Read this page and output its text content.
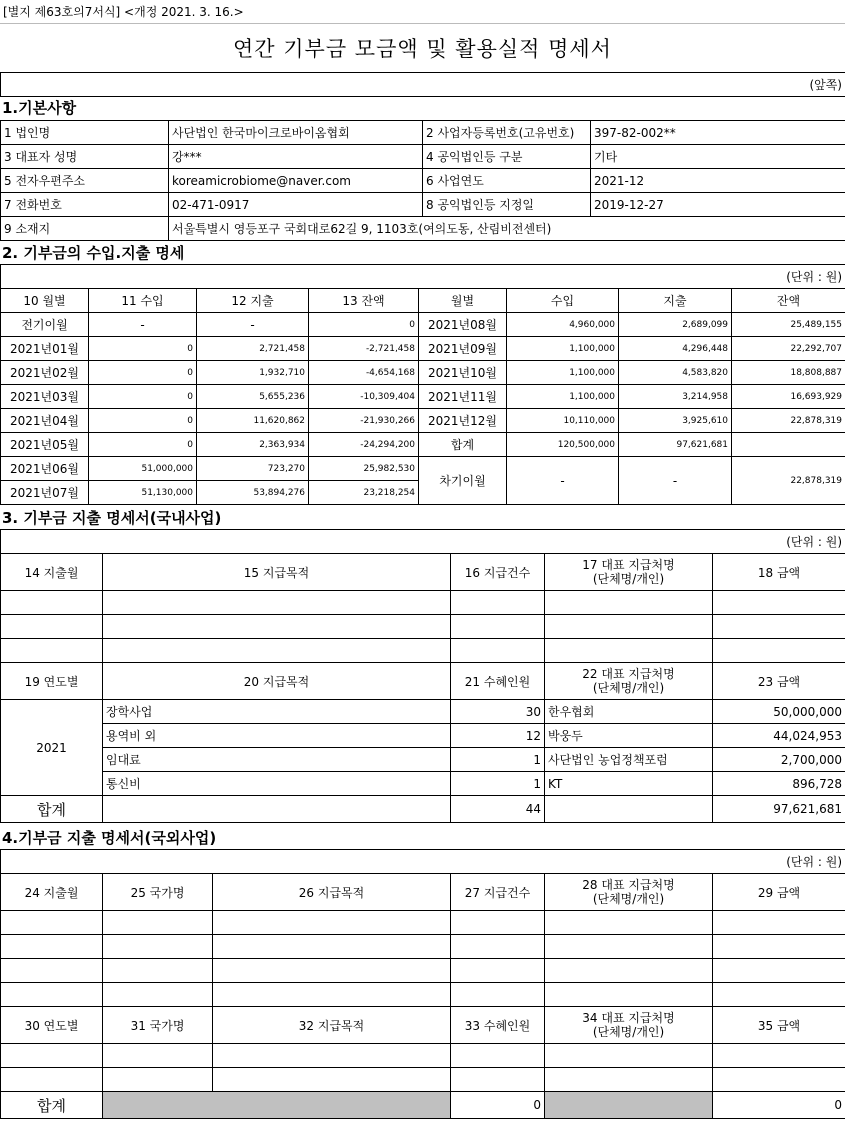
[별지 제63호의7서식] <개정 2021. 3. 16.>
연간 기부금 모금액 및 활용실적 명세서
(앞쪽)
1.기본사항
1 법인명	사단법인 한국마이크로바이옴협회	2 사업자등록번호(고유번호)	397-82-002**
3 대표자 성명	강***	4 공익법인등 구분	기타
5 전자우편주소	koreamicrobiome@naver.com	6 사업연도	2021-12
7 전화번호	02-471-0917	8 공익법인등 지정일	2019-12-27
9 소재지	서울특별시 영등포구 국회대로62길 9, 1103호(여의도동, 산림비전센터)		
2. 기부금의 수입.지출 명세
(단위 : 원)
10 월별	11 수입	12 지출	13 잔액	월별	수입	지출	잔액
전기이월	-	-	0	2021년08월	4,960,000	2,689,099	25,489,155
2021년01월	0	2,721,458	-2,721,458	2021년09월	1,100,000	4,296,448	22,292,707
2021년02월	0	1,932,710	-4,654,168	2021년10월	1,100,000	4,583,820	18,808,887
2021년03월	0	5,655,236	-10,309,404	2021년11월	1,100,000	3,214,958	16,693,929
2021년04월	0	11,620,862	-21,930,266	2021년12월	10,110,000	3,925,610	22,878,319
2021년05월	0	2,363,934	-24,294,200	합계	120,500,000	97,621,681	
2021년06월	51,000,000	723,270	25,982,530	차기이월	-	-	22,878,319
2021년07월	51,130,000	53,894,276	23,218,254				
3. 기부금 지출 명세서(국내사업)
(단위 : 원)
14 지출월	15 지급목적	16 지급건수	17 대표 지급처명
(단체명/개인)	18 금액

19 연도별	20 지급목적	21 수혜인원	22 대표 지급처명
(단체명/개인)	23 금액
2021	장학사업	30	한우협회	50,000,000
	용역비 외	12	박웅두	44,024,953
	임대료	1	사단법인 농업정책포럼	2,700,000
	통신비	1	KT	896,728
합계		44		97,621,681
4.기부금 지출 명세서(국외사업)
(단위 : 원)
24 지출월	25 국가명	26 지급목적	27 지급건수	28 대표 지급처명
(단체명/개인)	29 금액

30 연도별	31 국가명	32 지급목적	33 수혜인원	34 대표 지급처명
(단체명/개인)	35 금액

합계			0		0
